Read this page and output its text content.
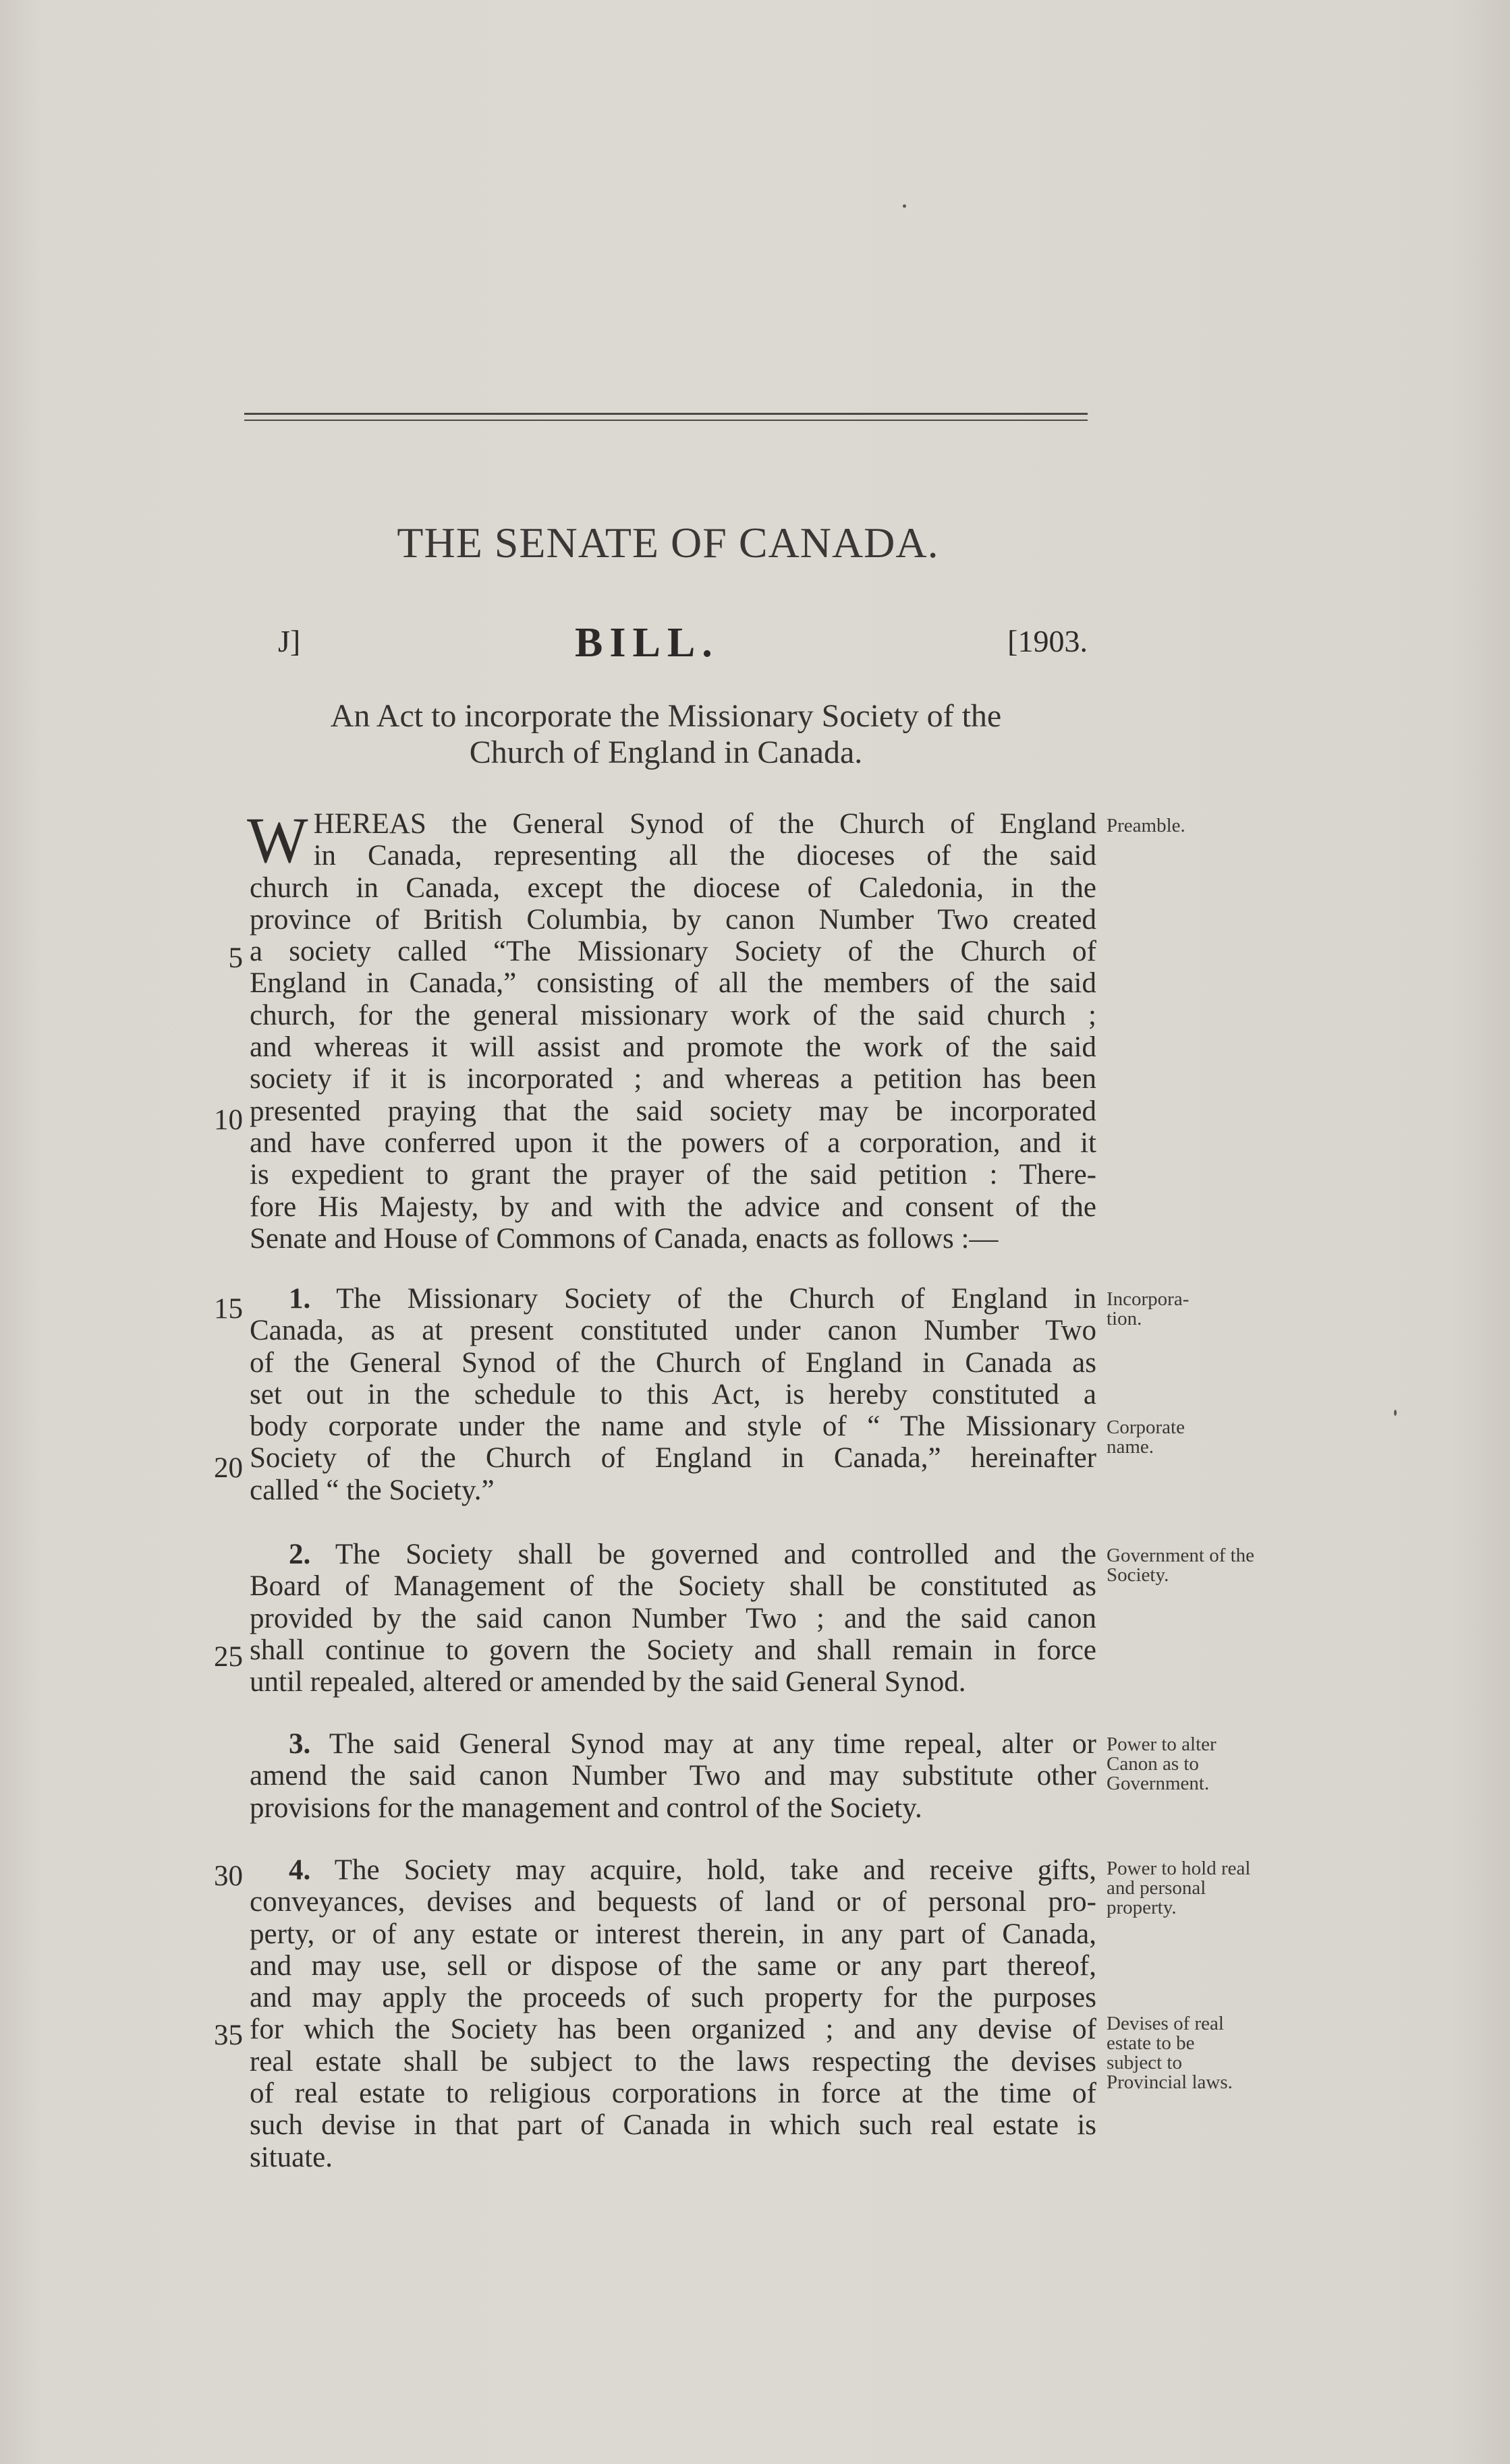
THE SENATE OF CANADA.
J]	BILL.	[1903.
An Act to incorporate the Missionary Society of the
Church of England in Canada.
W HEREAS the General Synod of the Church of England
in Canada, representing all the dioceses of the said
church in Canada, except the diocese of Caledonia, in the
province of British Columbia, by canon Number Two created
a society called “The Missionary Society of the Church of
England in Canada,” consisting of all the members of the said
church, for the general missionary work of the said church ;
and whereas it will assist and promote the work of the said
society if it is incorporated ; and whereas a petition has been
presented praying that the said society may be incorporated
and have conferred upon it the powers of a corporation, and it
is expedient to grant the prayer of the said petition : There-
fore His Majesty, by and with the advice and consent of the
Senate and House of Commons of Canada, enacts as follows :—
1. The Missionary Society of the Church of England in
Canada, as at present constituted under canon Number Two
of the General Synod of the Church of England in Canada as
set out in the schedule to this Act, is hereby constituted a
body corporate under the name and style of “ The Missionary
Society of the Church of England in Canada,” hereinafter
called “ the Society.”
2. The Society shall be governed and controlled and the
Board of Management of the Society shall be constituted as
provided by the said canon Number Two ; and the said canon
shall continue to govern the Society and shall remain in force
until repealed, altered or amended by the said General Synod.
3. The said General Synod may at any time repeal, alter or
amend the said canon Number Two and may substitute other
provisions for the management and control of the Society.
4. The Society may acquire, hold, take and receive gifts,
conveyances, devises and bequests of land or of personal pro-
perty, or of any estate or interest therein, in any part of Canada,
and may use, sell or dispose of the same or any part thereof,
and may apply the proceeds of such property for the purposes
for which the Society has been organized ; and any devise of
real estate shall be subject to the laws respecting the devises
of real estate to religious corporations in force at the time of
such devise in that part of Canada in which such real estate is
situate.
5
10
15
20
25
30
35
Preamble.
Incorpora-tion.
Corporate name.
Government of the Society.
Power to alter Canon as to Government.
Power to hold real and personal property.
Devises of real estate to be subject to Provincial laws.
